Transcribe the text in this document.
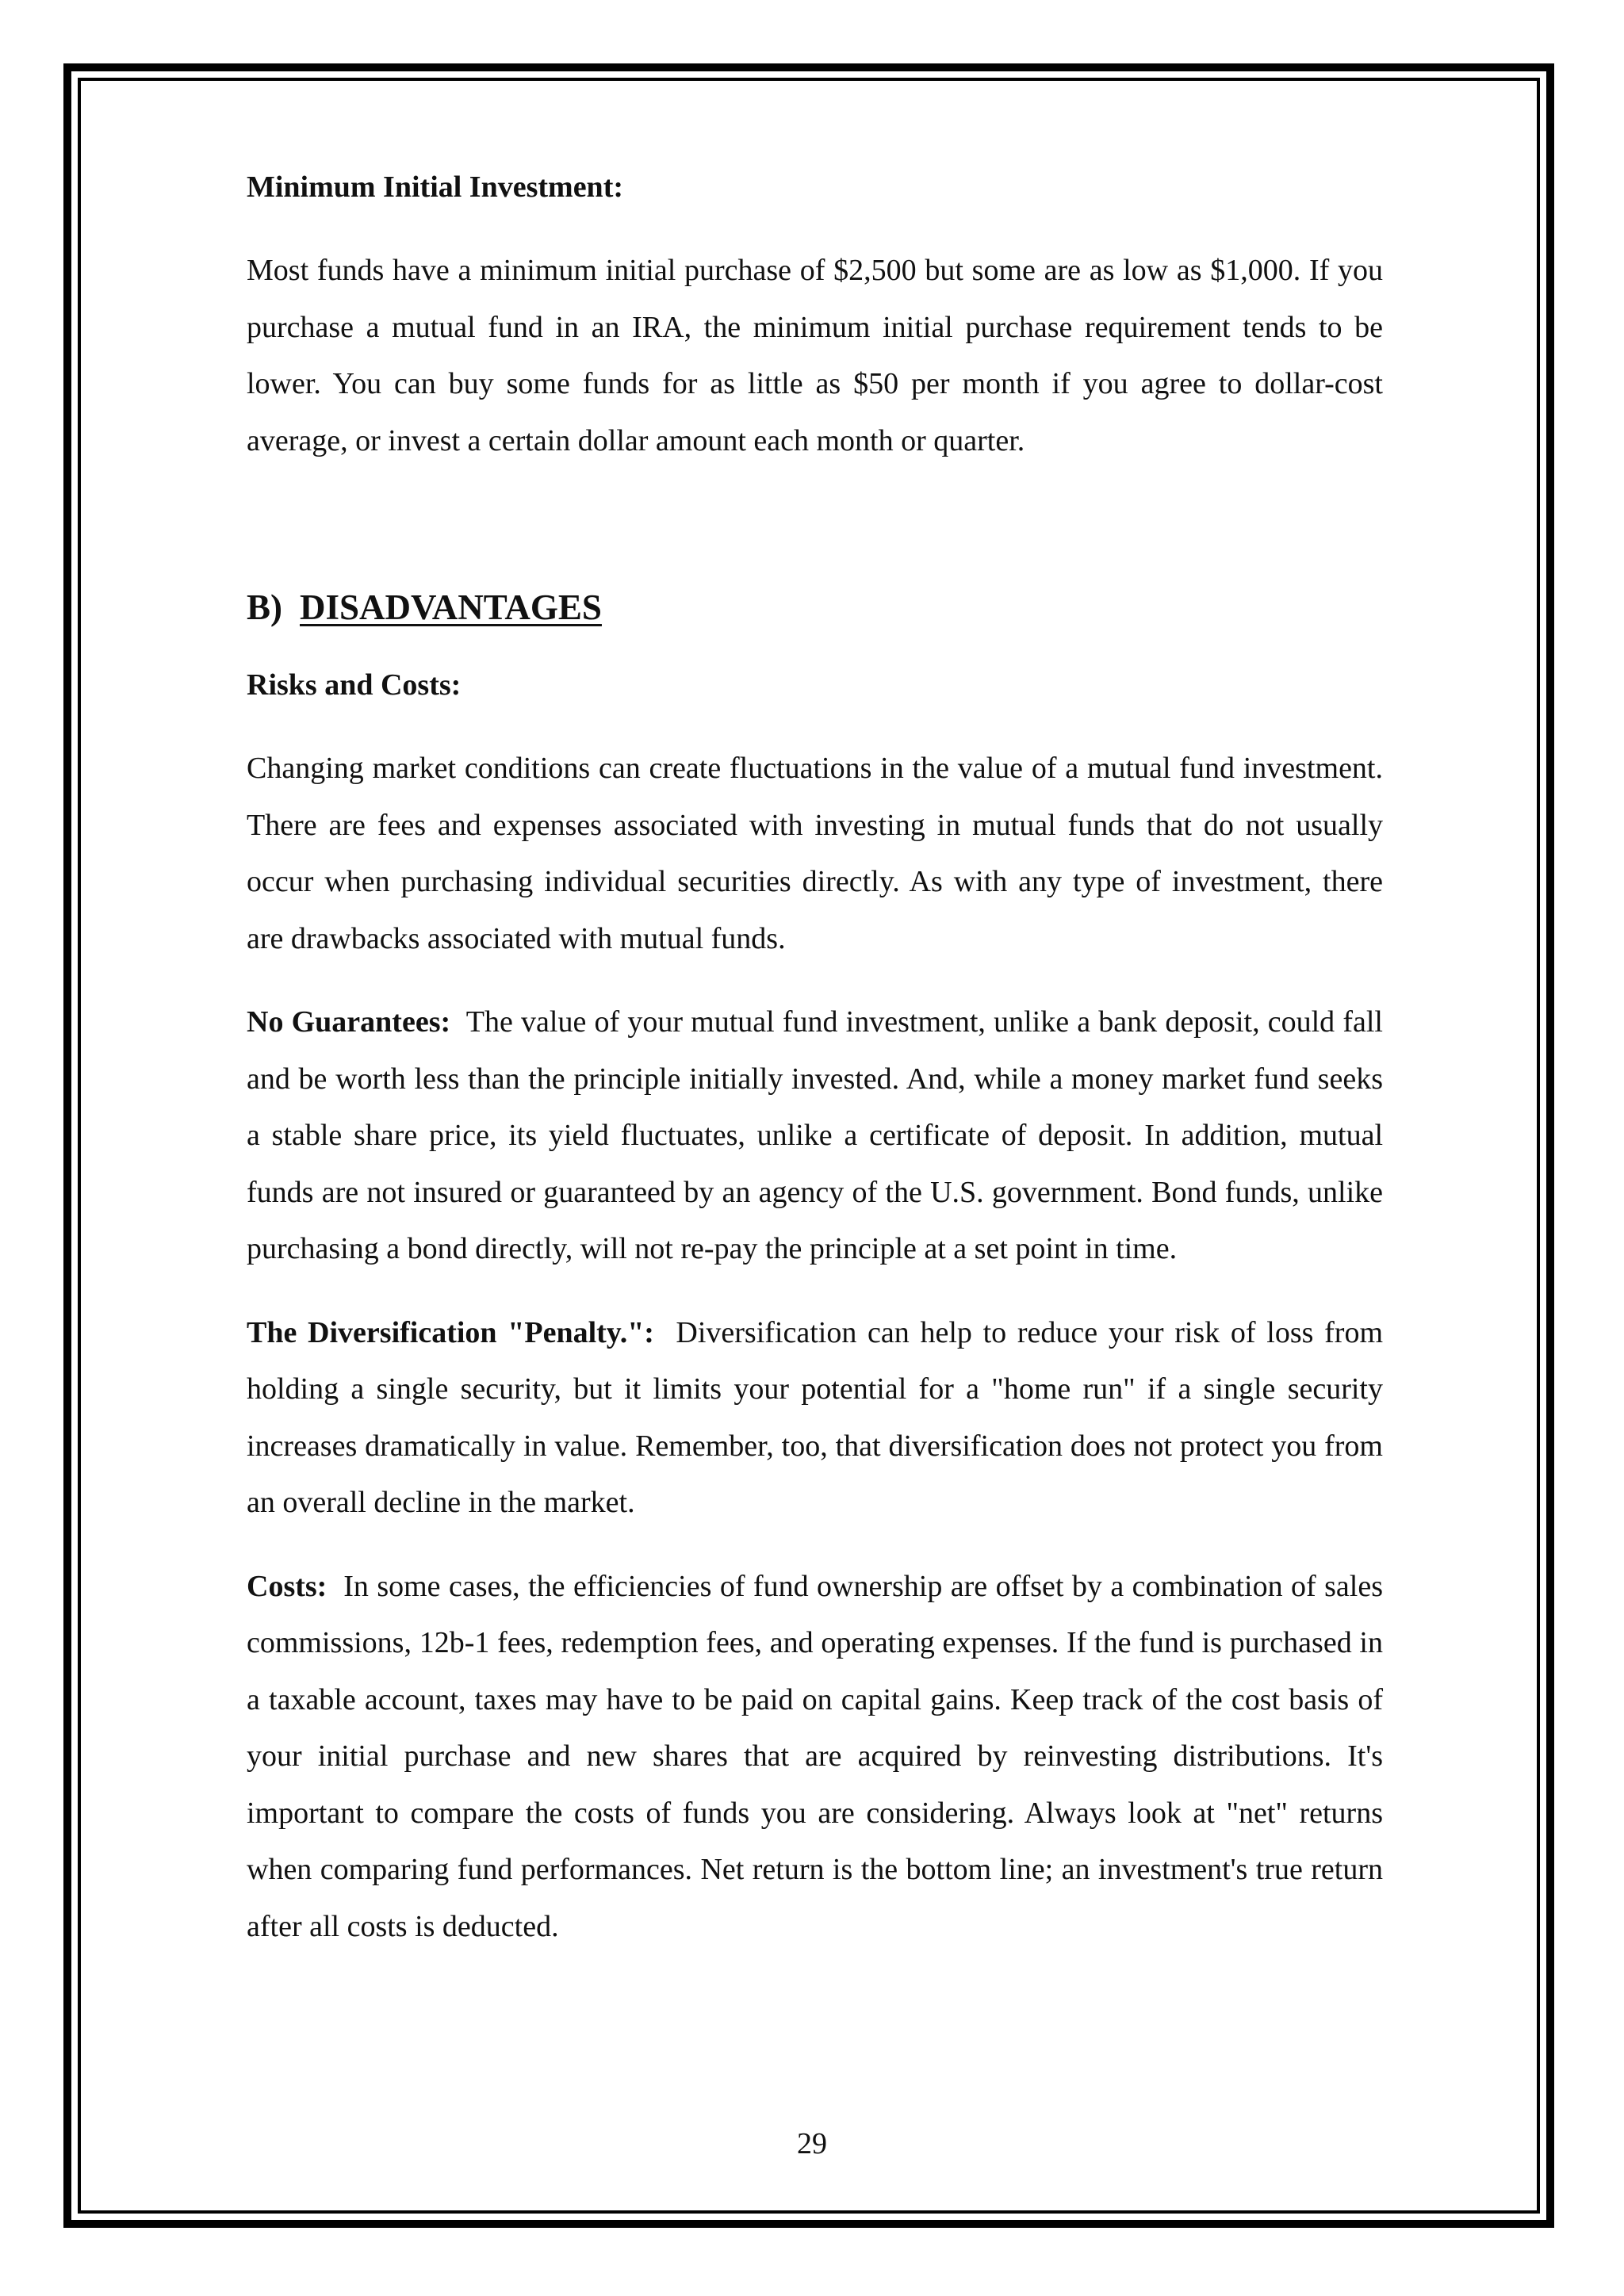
Minimum Initial Investment:

Most funds have a minimum initial purchase of $2,500 but some are as low as $1,000. If you purchase a mutual fund in an IRA, the minimum initial purchase requirement tends to be lower. You can buy some funds for as little as $50 per month if you agree to dollar-cost average, or invest a certain dollar amount each month or quarter.

B) DISADVANTAGES
Risks and Costs:

Changing market conditions can create fluctuations in the value of a mutual fund investment. There are fees and expenses associated with investing in mutual funds that do not usually occur when purchasing individual securities directly. As with any type of investment, there are drawbacks associated with mutual funds.

No Guarantees: The value of your mutual fund investment, unlike a bank deposit, could fall and be worth less than the principle initially invested. And, while a money market fund seeks a stable share price, its yield fluctuates, unlike a certificate of deposit. In addition, mutual funds are not insured or guaranteed by an agency of the U.S. government. Bond funds, unlike purchasing a bond directly, will not re-pay the principle at a set point in time.

The Diversification "Penalty.": Diversification can help to reduce your risk of loss from holding a single security, but it limits your potential for a "home run" if a single security increases dramatically in value. Remember, too, that diversification does not protect you from an overall decline in the market.

Costs: In some cases, the efficiencies of fund ownership are offset by a combination of sales commissions, 12b-1 fees, redemption fees, and operating expenses. If the fund is purchased in a taxable account, taxes may have to be paid on capital gains. Keep track of the cost basis of your initial purchase and new shares that are acquired by reinvesting distributions. It's important to compare the costs of funds you are considering. Always look at "net" returns when comparing fund performances. Net return is the bottom line; an investment's true return after all costs is deducted.

29
